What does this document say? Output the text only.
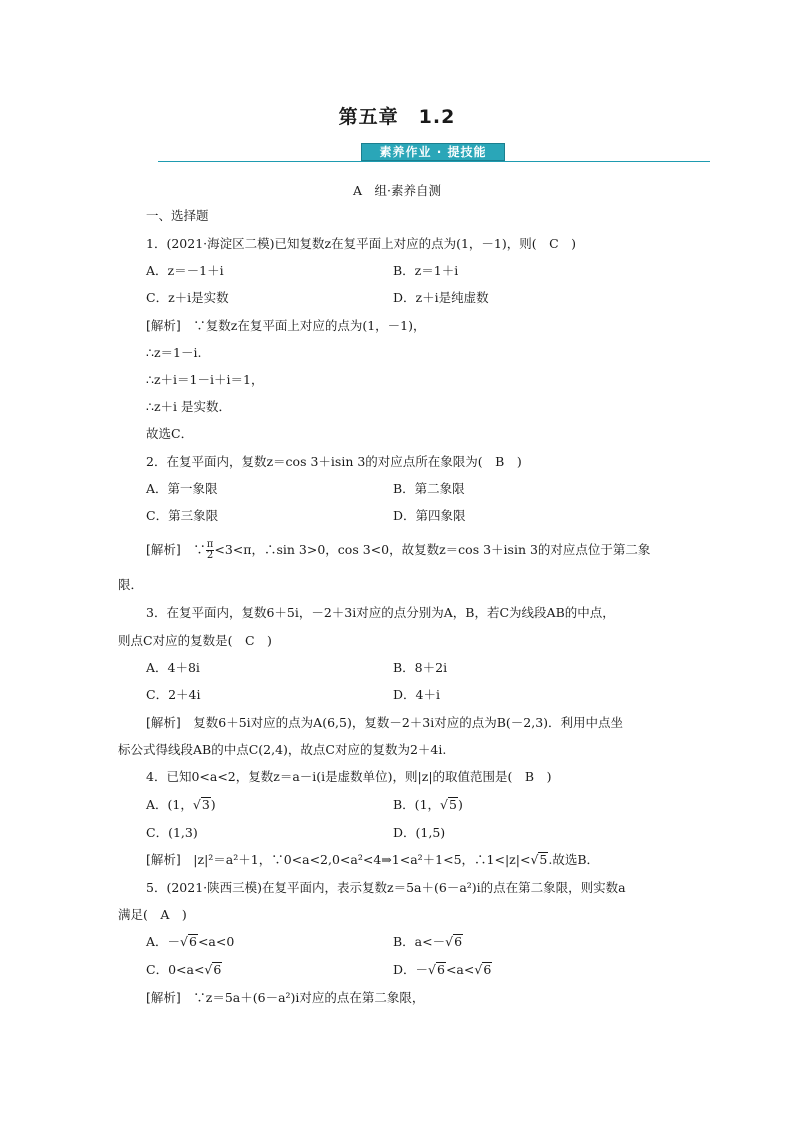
第五章　1.2
素养作业 · 提技能
A　组·素养自测
一、选择题
1．(2021·海淀区二模)已知复数z在复平面上对应的点为(1，－1)，则(　C　)
A．z＝－1＋i	B．z＝1＋i
C．z＋i是实数	D．z＋i是纯虚数
[解析]　∵复数z在复平面上对应的点为(1，－1)，
∴z＝1－i.
∴z＋i＝1－i＋i＝1，
∴z＋i 是实数．
故选C．
2．在复平面内，复数z＝cos 3＋isin 3的对应点所在象限为(　B　)
A．第一象限	B．第二象限
C．第三象限	D．第四象限
[解析]　∵ $\frac{\pi}{2} <3<\pi$，∴sin 3>0，cos 3<0，故复数z＝cos 3＋isin 3的对应点位于第二象
限．
3．在复平面内，复数6＋5i，－2＋3i对应的点分别为A，B，若C为线段AB的中点，
则点C对应的复数是(　C　)
A．4＋8i	B．8＋2i
C．2＋4i	D．4＋i
[解析]　复数6＋5i对应的点为A(6,5)，复数－2＋3i对应的点为B(－2,3)．利用中点坐
标公式得线段AB的中点C(2,4)，故点C对应的复数为2＋4i.
4．已知0<a<2，复数z＝a－i(i是虚数单位)，则|z|的取值范围是(　B　)
A．(1，√3)	B．(1，√5)
C．(1,3)	D．(1,5)
[解析]　|z|²＝a²＋1，∵0<a<2,0<a²<4⇒1<a²＋1<5，∴1<|z|<√5.故选B．
5．(2021·陕西三模)在复平面内，表示复数z＝5a＋(6－a²)i的点在第二象限，则实数a
满足(　A　)
A．－√6<a<0	B．a<－√6
C．0<a<√6	D．－√6<a<√6
[解析]　∵z＝5a＋(6－a²)i对应的点在第二象限，
